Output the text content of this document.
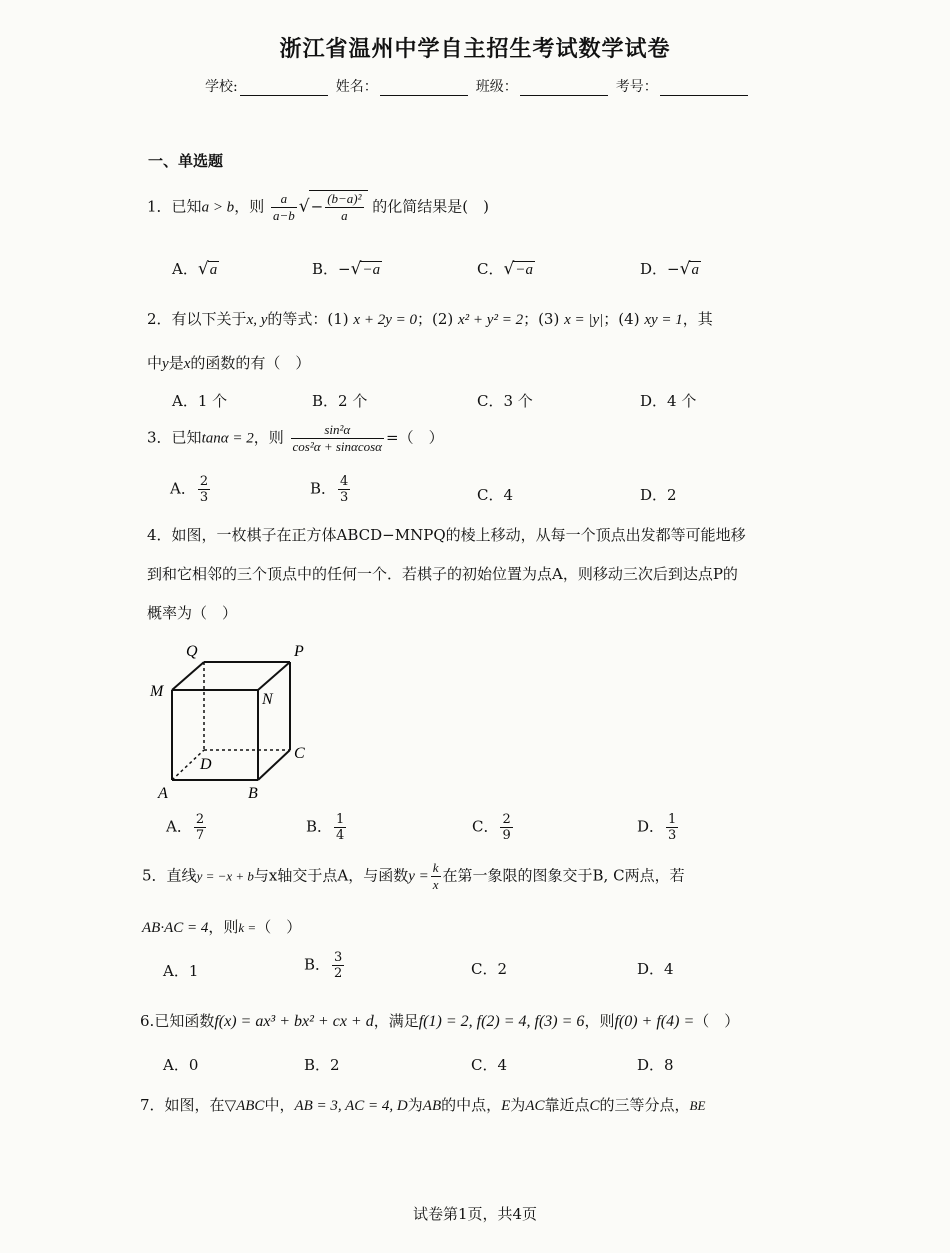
浙江省温州中学自主招生考试数学试卷
学校:	姓名：	班级：	考号：
一、单选题
1．已知a > b，则 $\frac{a}{a-b}$ √− $\frac{\text{(b−a)²}}{a}$ 的化简结果是(　)
A．√a	B．−√−a	C．√−a	D．−√a
2．有以下关于x, y的等式：(1) x + 2y = 0；(2) x² + y² = 2；(3) x = |y|；(4) xy = 1，其
中y是x的函数的有（　）
A．1 个	B．2 个	C．3 个	D．4 个
3．已知tanα = 2，则 $\frac{\text{sin²α}}{\text{cos²α + sinαcosα}}$ =（　）
A． $\frac{2}{3}$	B． $\frac{4}{3}$	C．4	D．2
4．如图，一枚棋子在正方体ABCD−MNPQ的棱上移动，从每一个顶点出发都等可能地移
到和它相邻的三个顶点中的任何一个．若棋子的初始位置为点A，则移动三次后到达点P的
概率为（　）
Q	P
M	N
D
C
A	B
A． $\frac{2}{7}$	B． $\frac{1}{4}$	C． $\frac{2}{9}$	D． $\frac{1}{3}$
5．直线y = −x + b与x轴交于点A，与函数$y = \frac{k}{x}$ 在第一象限的图象交于B, C两点，若
AB·AC = 4，则k =（　）
A．1	B． $\frac{3}{2}$	C．2	D．4
6.已知函数f(x) = ax³ + bx² + cx + d，满足f(1) = 2, f(2) = 4, f(3) = 6，则f(0) + f(4) =（　）
A．0	B．2	C．4	D．8
7．如图，在▽ABC中，AB = 3, AC = 4, D为AB的中点，E为AC靠近点C的三等分点，BE
试卷第1页，共4页
